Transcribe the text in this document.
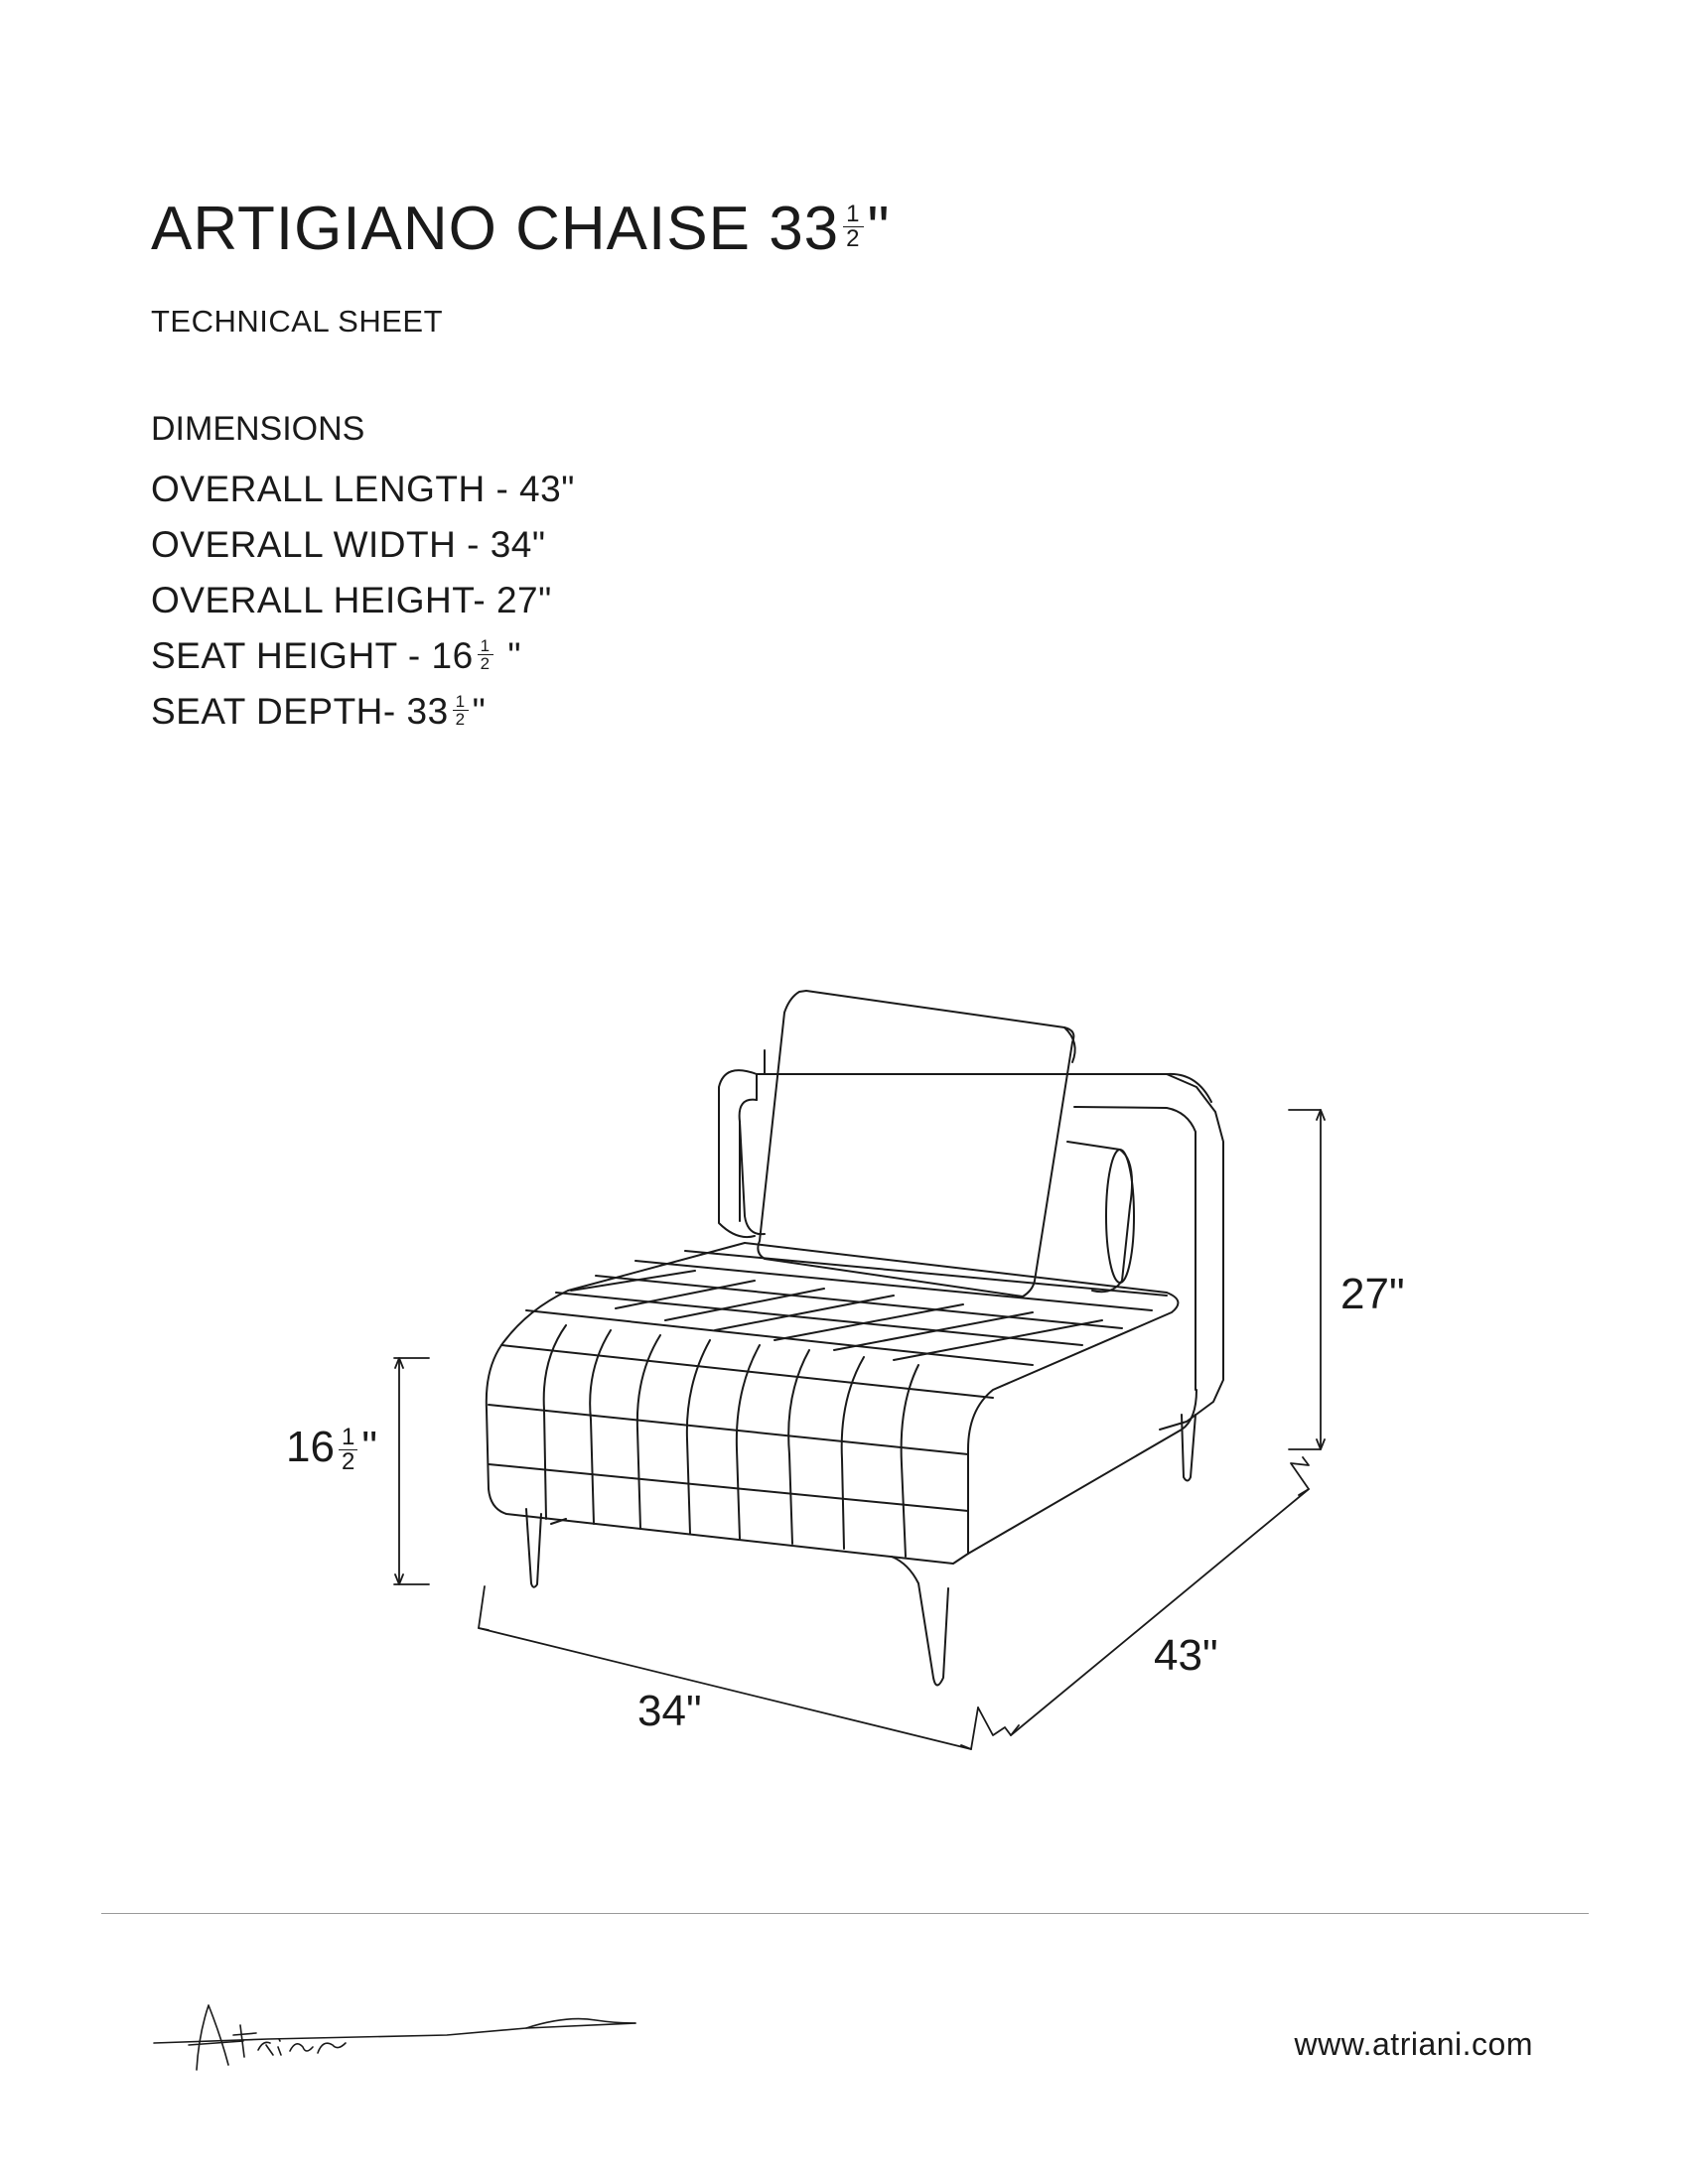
ARTIGIANO CHAISE $33 \frac{1}{2}$ "
TECHNICAL SHEET
DIMENSIONS
OVERALL LENGTH - 43"
OVERALL WIDTH - 34"
OVERALL HEIGHT- 27"
SEAT HEIGHT - $16 \frac{1}{2}$ "
SEAT DEPTH- $33 \frac{1}{2}$ "
27"
$16 \frac{1}{2}$ "
34"
43"
www.atriani.com
